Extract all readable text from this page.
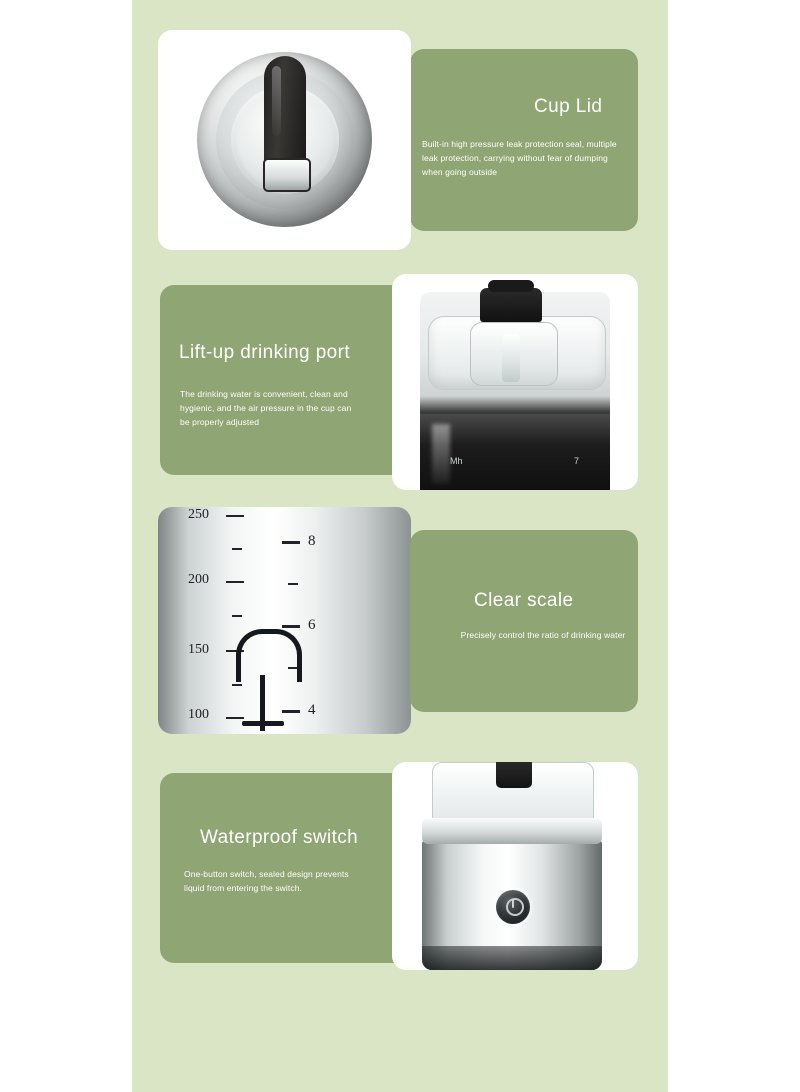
Cup Lid
Built-in high pressure leak protection seal, multiple leak protection, carrying without fear of dumping when going outside
Lift-up drinking port
The drinking water is convenient, clean and hygienic, and the air pressure in the cup can be properly adjusted
Mh	7
250
200
150
100
8
6
4
Clear scale
Precisely control the ratio of drinking water
Waterproof switch
One-button switch, sealed design prevents liquid from entering the switch.
